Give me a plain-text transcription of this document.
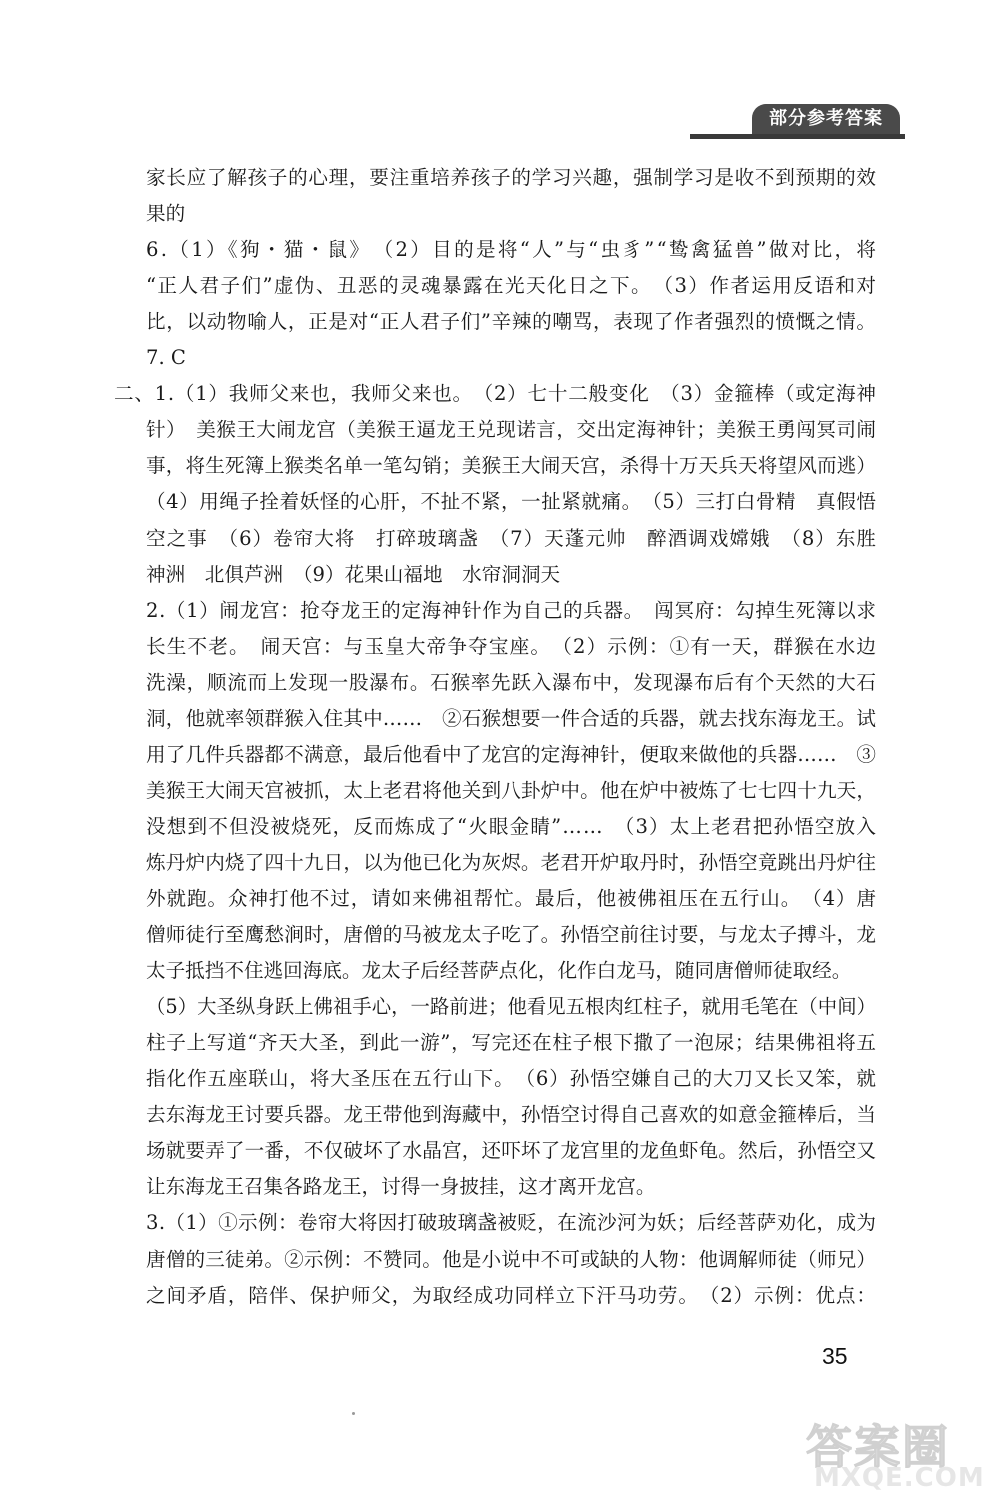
部分参考答案
家长应了解孩子的心理，要注重培养孩子的学习兴趣，强制学习是收不到预期的效
果的
6.（1）《狗・猫・鼠》　（2）目的是将“人”与“虫豸”“鸷禽猛兽”做对比，将
“正人君子们”虚伪、丑恶的灵魂暴露在光天化日之下。　（3）作者运用反语和对
比，以动物喻人，正是对“正人君子们”辛辣的嘲骂，表现了作者强烈的愤慨之情。
7. C
二、1.（1）我师父来也，我师父来也。　（2）七十二般变化　（3）金箍棒（或定海神
针）　美猴王大闹龙宫（美猴王逼龙王兑现诺言，交出定海神针；美猴王勇闯冥司闹
事，将生死簿上猴类名单一笔勾销；美猴王大闹天宫，杀得十万天兵天将望风而逃）
（4）用绳子拴着妖怪的心肝，不扯不紧，一扯紧就痛。　（5）三打白骨精　真假悟
空之事　（6）卷帘大将　打碎玻璃盏　（7）天蓬元帅　醉酒调戏嫦娥　（8）东胜
神洲　北俱芦洲　（9）花果山福地　水帘洞洞天
2.（1）闹龙宫：抢夺龙王的定海神针作为自己的兵器。　闯冥府：勾掉生死簿以求
长生不老。　闹天宫：与玉皇大帝争夺宝座。　（2）示例：①有一天，群猴在水边
洗澡，顺流而上发现一股瀑布。石猴率先跃入瀑布中，发现瀑布后有个天然的大石
洞，他就率领群猴入住其中……　②石猴想要一件合适的兵器，就去找东海龙王。试
用了几件兵器都不满意，最后他看中了龙宫的定海神针，便取来做他的兵器……　③
美猴王大闹天宫被抓，太上老君将他关到八卦炉中。他在炉中被炼了七七四十九天，
没想到不但没被烧死，反而炼成了“火眼金睛”……　（3）太上老君把孙悟空放入
炼丹炉内烧了四十九日，以为他已化为灰烬。老君开炉取丹时，孙悟空竟跳出丹炉往
外就跑。众神打他不过，请如来佛祖帮忙。最后，他被佛祖压在五行山。　（4）唐
僧师徒行至鹰愁涧时，唐僧的马被龙太子吃了。孙悟空前往讨要，与龙太子搏斗，龙
太子抵挡不住逃回海底。龙太子后经菩萨点化，化作白龙马，随同唐僧师徒取经。
（5）大圣纵身跃上佛祖手心，一路前进；他看见五根肉红柱子，就用毛笔在（中间）
柱子上写道“齐天大圣，到此一游”，写完还在柱子根下撒了一泡尿；结果佛祖将五
指化作五座联山，将大圣压在五行山下。　（6）孙悟空嫌自己的大刀又长又笨，就
去东海龙王讨要兵器。龙王带他到海藏中，孙悟空讨得自己喜欢的如意金箍棒后，当
场就要弄了一番，不仅破坏了水晶宫，还吓坏了龙宫里的龙鱼虾龟。然后，孙悟空又
让东海龙王召集各路龙王，讨得一身披挂，这才离开龙宫。
3.（1）①示例：卷帘大将因打破玻璃盏被贬，在流沙河为妖；后经菩萨劝化，成为
唐僧的三徒弟。②示例：不赞同。他是小说中不可或缺的人物：他调解师徒（师兄）
之间矛盾，陪伴、保护师父，为取经成功同样立下汗马功劳。　（2）示例：优点：
35
答案圈
MXQE.COM
